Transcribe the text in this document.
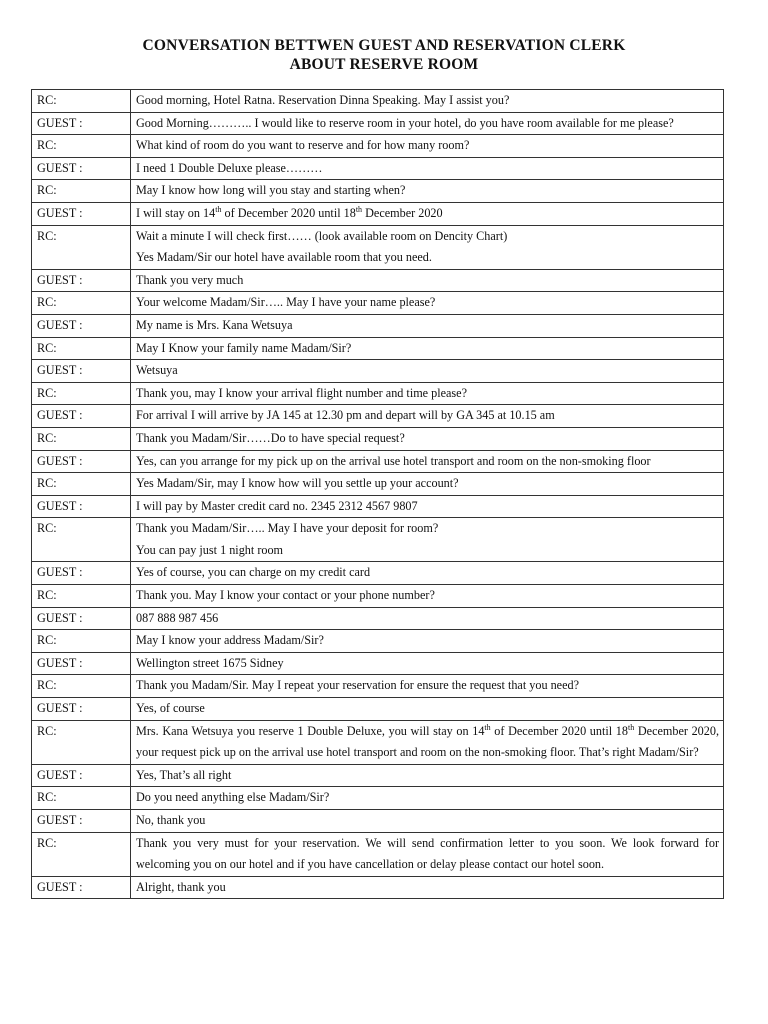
CONVERSATION BETTWEN GUEST AND RESERVATION CLERK
ABOUT RESERVE ROOM
RC:	Good morning, Hotel Ratna. Reservation Dinna Speaking. May I assist you?

GUEST :	Good Morning……….. I would like to reserve room in your hotel, do you have room available for me please?

RC:	What kind of room do you want to reserve and for how many room?

GUEST :	I need 1 Double Deluxe please………

RC:	May I know how long will you stay and starting when?

GUEST :	I will stay on 14th of December 2020 until 18th December 2020

RC:	Wait a minute I will check first…… (look available room on Dencity Chart)
Yes Madam/Sir our hotel have available room that you need.

GUEST :	Thank you very much

RC:	Your welcome Madam/Sir….. May I have your name please?

GUEST :	My name is Mrs. Kana Wetsuya

RC:	May I Know your family name Madam/Sir?

GUEST :	Wetsuya

RC:	Thank you, may I know your arrival flight number and time please?

GUEST :	For arrival I will arrive by JA 145 at 12.30 pm and depart will by GA 345 at 10.15 am

RC:	Thank you Madam/Sir……Do to have special request?

GUEST :	Yes, can you arrange for my pick up on the arrival use hotel transport and room on the non-smoking floor

RC:	Yes Madam/Sir, may I know how will you settle up your account?

GUEST :	I will pay by Master credit card no. 2345 2312 4567 9807

RC:	Thank you Madam/Sir….. May I have your deposit for room?
You can pay just 1 night room

GUEST :	Yes of course, you can charge on my credit card

RC:	Thank you. May I know your contact or your phone number?

GUEST :	087 888 987 456

RC:	May I know your address Madam/Sir?

GUEST :	Wellington street 1675 Sidney

RC:	Thank you Madam/Sir. May I repeat your reservation for ensure the request that you need?

GUEST :	Yes, of course

RC:	Mrs. Kana Wetsuya you reserve 1 Double Deluxe, you will stay on 14th of December 2020 until 18th December 2020, your request pick up on the arrival use hotel transport and room on the non-smoking floor. That’s right Madam/Sir?

GUEST :	Yes, That’s all right

RC:	Do you need anything else Madam/Sir?

GUEST :	No, thank you

RC:	Thank you very must for your reservation. We will send confirmation letter to you soon. We look forward for welcoming you on our hotel and if you have cancellation or delay please contact our hotel soon.

GUEST :	Alright, thank you
